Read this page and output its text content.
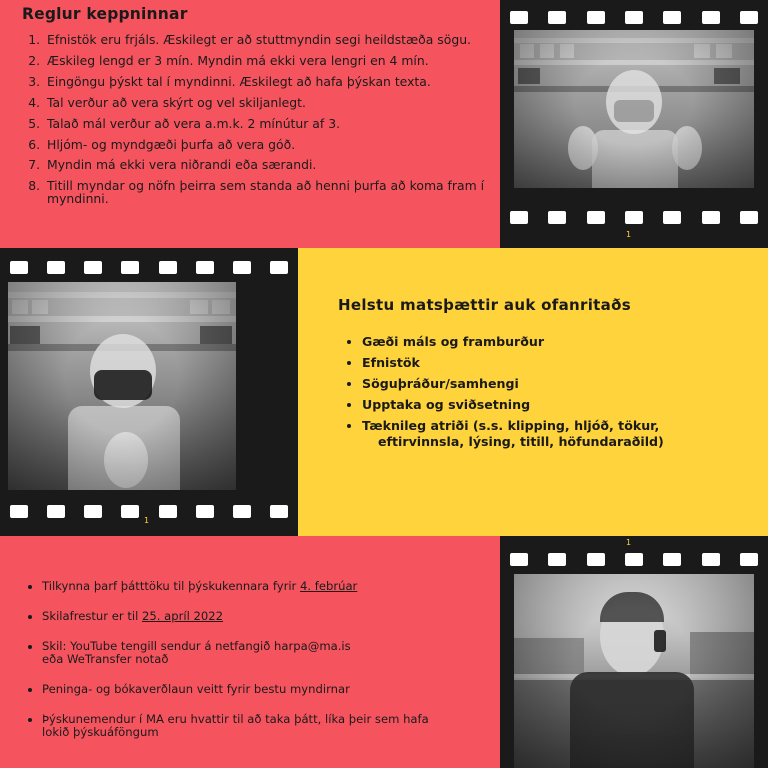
Reglur keppninnar
1. Efnistök eru frjáls. Æskilegt er að stuttmyndin segi heildstæða sögu.
2. Æskileg lengd er 3 mín. Myndin má ekki vera lengri en 4 mín.
3. Eingöngu þýskt tal í myndinni. Æskilegt að hafa þýskan texta.
4. Tal verður að vera skýrt og vel skiljanlegt.
5. Talað mál verður að vera a.m.k. 2 mínútur af 3.
6. Hljóm- og myndgæði þurfa að vera góð.
7. Myndin má ekki vera niðrandi eða særandi.
8. Titill myndar og nöfn þeirra sem standa að henni þurfa að koma fram í myndinni.
1
1
Helstu matsþættir auk ofanritaðs
• Gæði máls og framburður
• Efnistök
• Söguþráður/samhengi
• Upptaka og sviðsetning
• Tæknileg atriði (s.s. klipping, hljóð, tökur,
eftirvinnsla, lýsing, titill, höfundaraðild)
• Tilkynna þarf þátttöku til þýskukennara fyrir 4. febrúar
• Skilafrestur er til 25. apríl 2022
• Skil: YouTube tengill sendur á netfangið harpa@ma.is
eða WeTransfer notað
• Peninga- og bókaverðlaun veitt fyrir bestu myndirnar
• Þýskunemendur í MA eru hvattir til að taka þátt, líka þeir sem hafa
lokið þýskuáföngum
1
